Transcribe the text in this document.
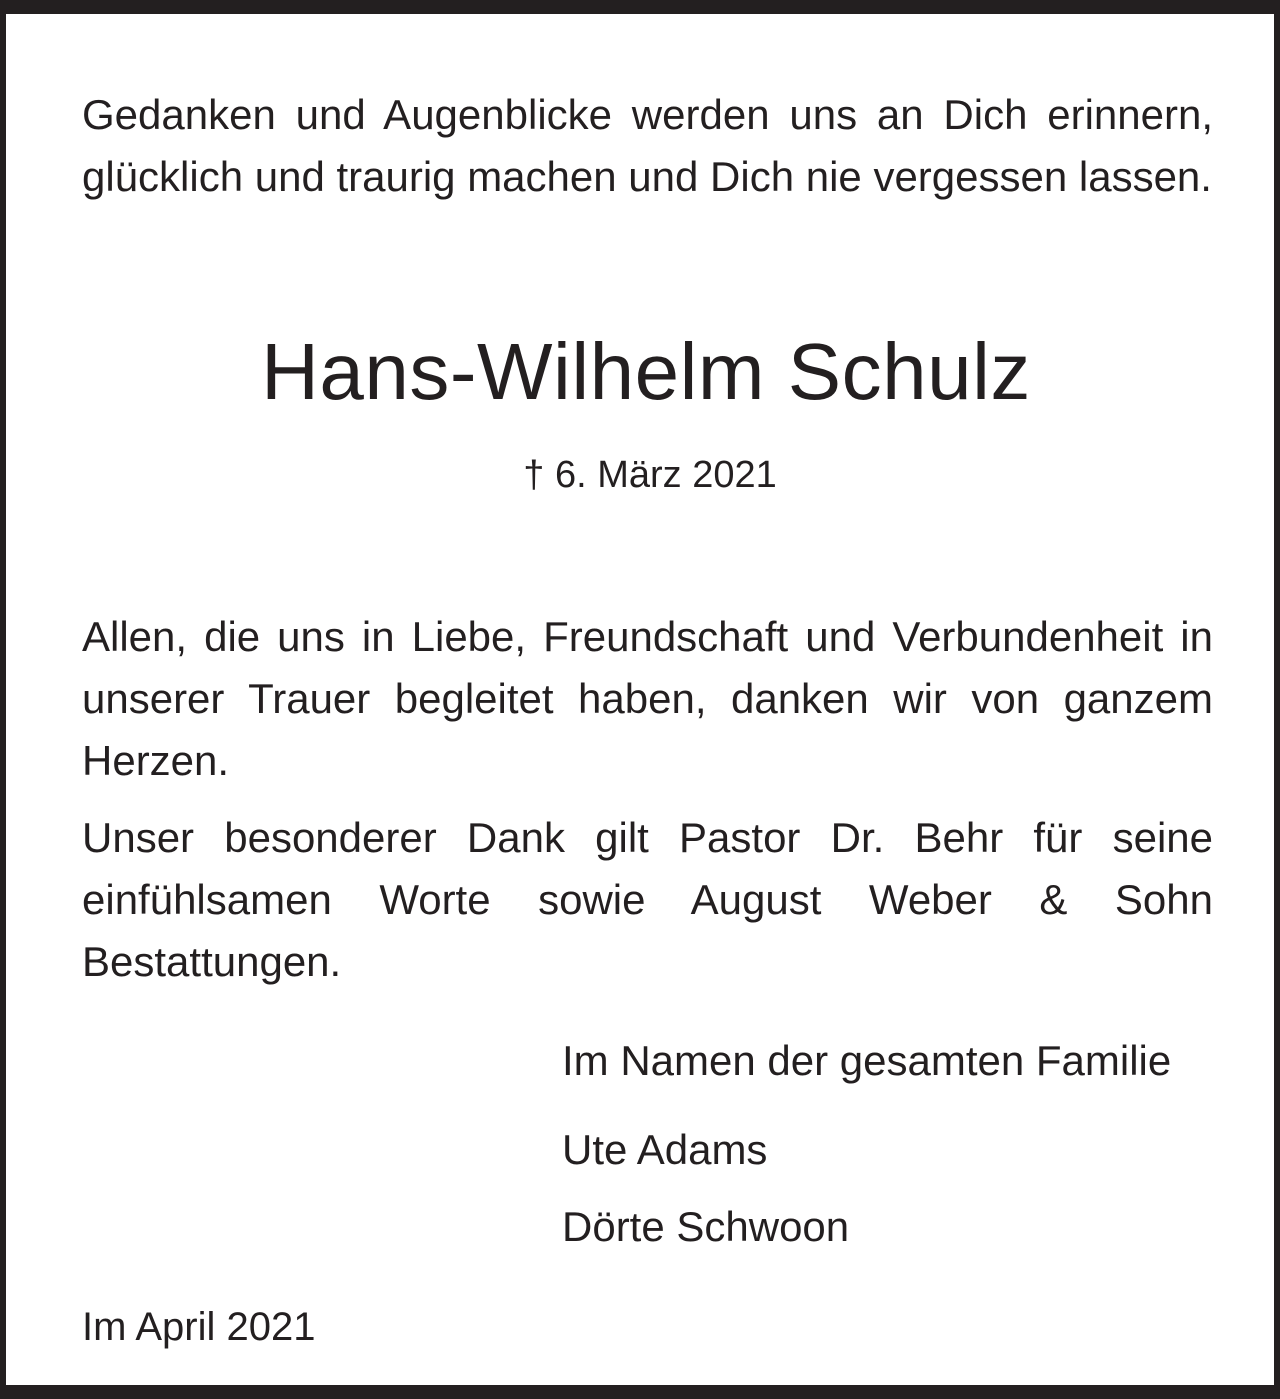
Gedanken und Augenblicke werden uns an Dich erinnern, glücklich und traurig machen und Dich nie vergessen lassen.

Hans-Wilhelm Schulz
† 6. März 2021

Allen, die uns in Liebe, Freundschaft und Verbundenheit in unserer Trauer begleitet haben, danken wir von ganzem Herzen.

Unser besonderer Dank gilt Pastor Dr. Behr für seine einfühlsamen Worte sowie August Weber & Sohn Bestattungen.

Im Namen der gesamten Familie
Ute Adams
Dörte Schwoon
Im April 2021
